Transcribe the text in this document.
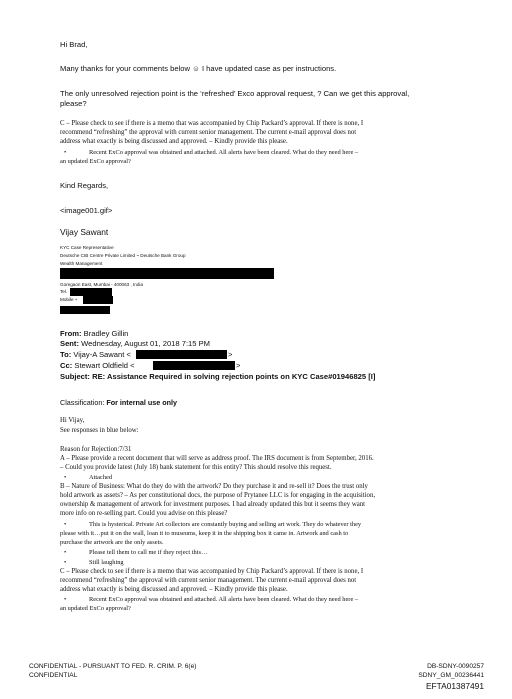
Hi Brad,
Many thanks for your comments below ☺ I have updated case as per instructions.
The only unresolved rejection point is the ‘refreshed’ Exco approval request, ? Can we get this approval,
please?
C – Please check to see if there is a memo that was accompanied by Chip Packard’s approval. If there is none, I
recommend “refreshing” the approval with current senior management. The current e-mail approval does not
address what exactly is being discussed and approved. – Kindly provide this please.
• Recent ExCo approval was obtained and attached. All alerts have been cleared. What do they need here –
an updated ExCo approval?
Kind Regards,
<image001.gif>
Vijay Sawant
KYC Case Representative
Deutsche CIB Centre Private Limited ~ Deutsche Bank Group
Wealth Management
Goregaon East, Mumbai - 400063 , India
Tel.
Mobile +
From: Bradley Gillin
Sent: Wednesday, August 01, 2018 7:15 PM
To: Vijay-A Sawant <	>
Cc: Stewart Oldfield <	>
Subject: RE: Assistance Required in solving rejection points on KYC Case#01946825 [I]
Classification: For internal use only
Hi Vijay,
See responses in blue below:
Reason for Rejection:7/31
A – Please provide a recent document that will serve as address proof. The IRS document is from September, 2016.
– Could you provide latest (July 18) bank statement for this entity? This should resolve this request.
• Attached
B – Nature of Business: What do they do with the artwork? Do they purchase it and re-sell it? Does the trust only
hold artwork as assets? – As per constitutional docs, the purpose of Prytanee LLC is for engaging in the acquisition,
ownership & management of artwork for investment purposes. I had already updated this but it seems they want
more info on re-selling part. Could you advise on this please?
• This is hysterical. Private Art collectors are constantly buying and selling art work. They do whatever they
please with it…put it on the wall, loan it to museums, keep it in the shipping box it came in. Artwork and cash to
purchase the artwork are the only assets.
• Please tell them to call me if they reject this…
• Still laughing
C – Please check to see if there is a memo that was accompanied by Chip Packard’s approval. If there is none, I
recommend “refreshing” the approval with current senior management. The current e-mail approval does not
address what exactly is being discussed and approved. – Kindly provide this please.
• Recent ExCo approval was obtained and attached. All alerts have been cleared. What do they need here –
an updated ExCo approval?
CONFIDENTIAL - PURSUANT TO FED. R. CRIM. P. 6(e)
CONFIDENTIAL
DB-SDNY-0090257
SDNY_GM_00236441
EFTA01387491
